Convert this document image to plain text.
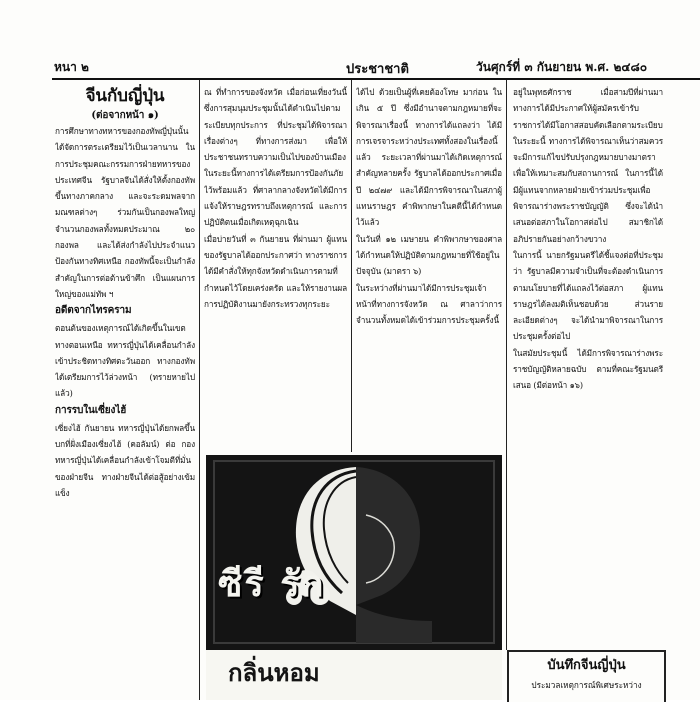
หนา ๒	ประชาชาติ	วันศุกร์ที่ ๓ กันยายน พ.ศ. ๒๔๘๐
จีนกับญี่ปุ่น
(ต่อจากหน้า ๑)

การศึกษาทางทหารของกองทัพญี่ปุ่นนั้น ได้จัดการตระเตรียมไว้เป็นเวลานาน ในการประชุมคณะกรรมการฝ่ายทหารของประเทศจีน รัฐบาลจีนได้สั่งให้ตั้งกองทัพขึ้นทางภาคกลาง และจะระดมพลจากมณฑลต่างๆ ร่วมกันเป็นกองพลใหญ่ จำนวนกองพลทั้งหมดประมาณ ๒๐ กองพล และได้ส่งกำลังไปประจำแนวป้องกันทางทิศเหนือ กองทัพนี้จะเป็นกำลังสำคัญในการต่อต้านข้าศึก เป็นแผนการใหญ่ของแม่ทัพ ฯ

อดีตจากไทรคราม

ตอนต้นของเหตุการณ์ได้เกิดขึ้นในเขตทางตอนเหนือ ทหารญี่ปุ่นได้เคลื่อนกำลังเข้าประชิดทางทิศตะวันออก ทางกองทัพได้เตรียมการไว้ล่วงหน้า (ทรายหายไปแล้ว)

การรบในเซี่ยงไฮ้

เซี่ยงไฮ้ กันยายน ทหารญี่ปุ่นได้ยกพลขึ้นบกที่ฝั่งเมืองเซี่ยงไฮ้ (คอลัมน์) ต่อ กองทหารญี่ปุ่นได้เคลื่อนกำลังเข้าโจมตีที่มั่นของฝ่ายจีน ทางฝ่ายจีนได้ต่อสู้อย่างเข้มแข็ง

ณ ที่ทำการของจังหวัด เมื่อก่อนเที่ยงวันนี้ ซึ่งการสุมนุมประชุมนั้นได้ดำเนินไปตามระเบียบทุกประการ ที่ประชุมได้พิจารณาเรื่องต่างๆ ที่ทางการส่งมา เพื่อให้ประชาชนทราบความเป็นไปของบ้านเมือง ในระยะนี้ทางการได้เตรียมการป้องกันภัยไว้พร้อมแล้ว ที่ศาลากลางจังหวัดได้มีการแจ้งให้ราษฎรทราบถึงเหตุการณ์ และการปฏิบัติตนเมื่อเกิดเหตุฉุกเฉิน

เมื่อบ่ายวันที่ ๓ กันยายน ที่ผ่านมา ผู้แทนของรัฐบาลได้ออกประกาศว่า ทางราชการได้มีคำสั่งให้ทุกจังหวัดดำเนินการตามที่กำหนดไว้โดยเคร่งครัด และให้รายงานผลการปฏิบัติงานมายังกระทรวงทุกระยะ

ได้ไป ด้วยเป็นผู้ที่เคยต้องโทษ มาก่อน ในเกิน ๕ ปี ซึ่งมีอำนาจตามกฎหมายที่จะพิจารณาเรื่องนี้ ทางการได้แถลงว่า ได้มีการเจรจาระหว่างประเทศทั้งสองในเรื่องนี้แล้ว ระยะเวลาที่ผ่านมาได้เกิดเหตุการณ์สำคัญหลายครั้ง รัฐบาลได้ออกประกาศเมื่อปี ๒๔๗๙ และได้มีการพิจารณาในสภาผู้แทนราษฎร คำพิพากษาในคดีนี้ได้กำหนดไว้แล้ว

ในวันที่ ๑๒ เมษายน คำพิพากษาของศาลได้กำหนดให้ปฏิบัติตามกฎหมายที่ใช้อยู่ในปัจจุบัน (มาตรา ๖)

ในระหว่างที่ผ่านมาได้มีการประชุมเจ้าหน้าที่ทางการจังหวัด ณ ศาลาว่าการ จำนวนทั้งหมดได้เข้าร่วมการประชุมครั้งนี้

อยู่ในพุทธศักราช เมื่อสามปีที่ผ่านมา ทางการได้มีประกาศให้ผู้สมัครเข้ารับราชการได้มีโอกาสสอบคัดเลือกตามระเบียบ

ในระยะนี้ ทางการได้พิจารณาเห็นว่าสมควรจะมีการแก้ไขปรับปรุงกฎหมายบางมาตรา เพื่อให้เหมาะสมกับสถานการณ์ ในการนี้ได้มีผู้แทนจากหลายฝ่ายเข้าร่วมประชุมเพื่อพิจารณาร่างพระราชบัญญัติ ซึ่งจะได้นำเสนอต่อสภาในโอกาสต่อไป สมาชิกได้อภิปรายกันอย่างกว้างขวาง

ในการนี้ นายกรัฐมนตรีได้ชี้แจงต่อที่ประชุมว่า รัฐบาลมีความจำเป็นที่จะต้องดำเนินการตามนโยบายที่ได้แถลงไว้ต่อสภา ผู้แทนราษฎรได้ลงมติเห็นชอบด้วย ส่วนรายละเอียดต่างๆ จะได้นำมาพิจารณาในการประชุมครั้งต่อไป

ในสมัยประชุมนี้ ได้มีการพิจารณาร่างพระราชบัญญัติหลายฉบับ ตามที่คณะรัฐมนตรีเสนอ (มีต่อหน้า ๑๖)

ซีรี รัก
กลิ่นหอม	บันทึกจีนญี่ปุ่น
ประมวลเหตุการณ์พิเศษระหว่าง
